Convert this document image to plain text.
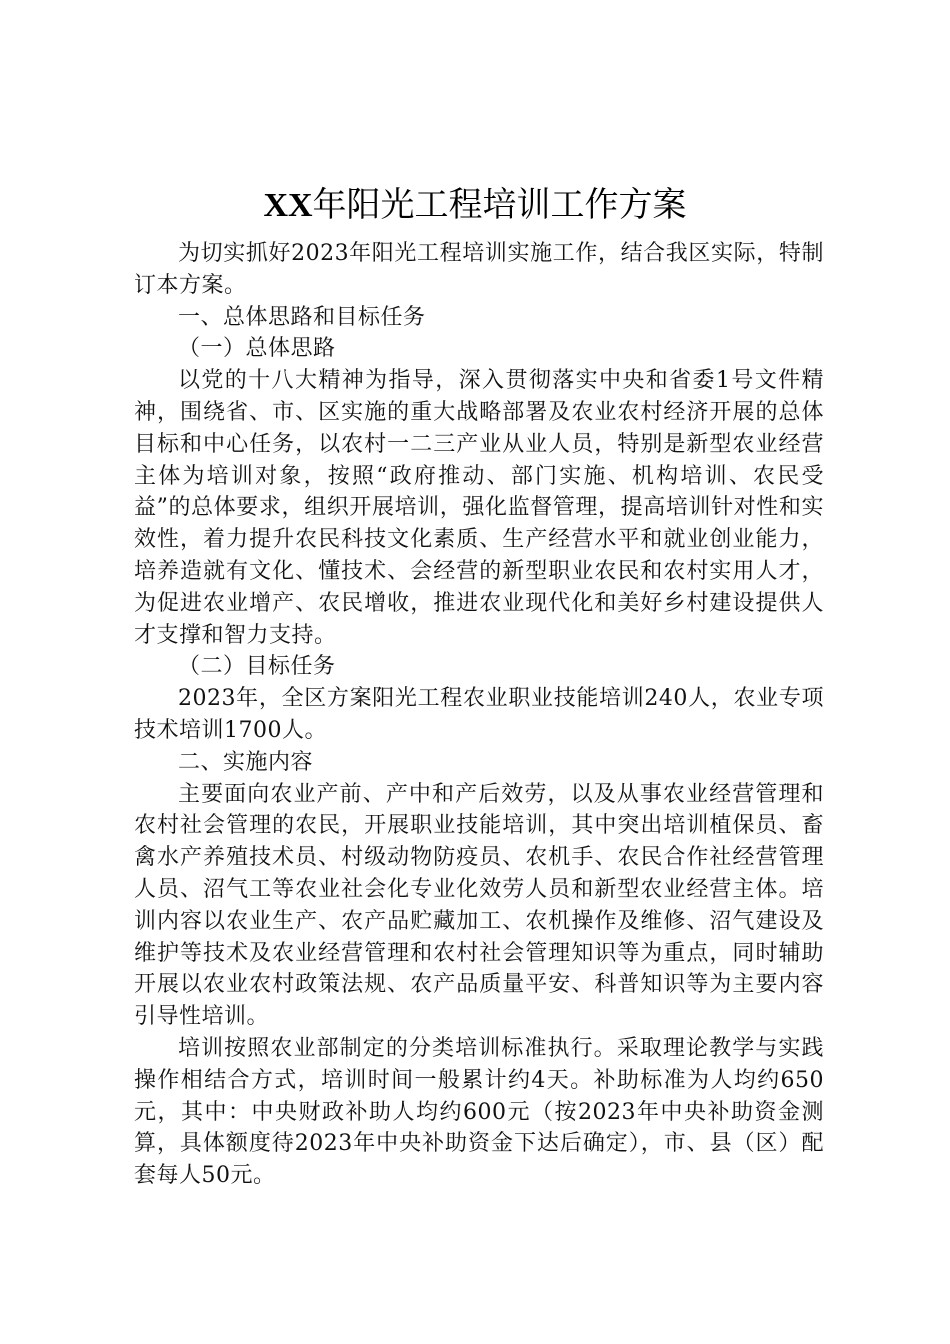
XX年阳光工程培训工作方案

为切实抓好2023年阳光工程培训实施工作，结合我区实际，特制订本方案。

一、总体思路和目标任务

（一）总体思路

以党的十八大精神为指导，深入贯彻落实中央和省委1号文件精神，围绕省、市、区实施的重大战略部署及农业农村经济开展的总体目标和中心任务，以农村一二三产业从业人员，特别是新型农业经营主体为培训对象，按照“政府推动、部门实施、机构培训、农民受益”的总体要求，组织开展培训，强化监督管理，提高培训针对性和实效性，着力提升农民科技文化素质、生产经营水平和就业创业能力，培养造就有文化、懂技术、会经营的新型职业农民和农村实用人才，为促进农业增产、农民增收，推进农业现代化和美好乡村建设提供人才支撑和智力支持。

（二）目标任务

2023年，全区方案阳光工程农业职业技能培训240人，农业专项技术培训1700人。

二、实施内容

主要面向农业产前、产中和产后效劳，以及从事农业经营管理和农村社会管理的农民，开展职业技能培训，其中突出培训植保员、畜禽水产养殖技术员、村级动物防疫员、农机手、农民合作社经营管理人员、沼气工等农业社会化专业化效劳人员和新型农业经营主体。培训内容以农业生产、农产品贮藏加工、农机操作及维修、沼气建设及维护等技术及农业经营管理和农村社会管理知识等为重点，同时辅助开展以农业农村政策法规、农产品质量平安、科普知识等为主要内容引导性培训。

培训按照农业部制定的分类培训标准执行。采取理论教学与实践操作相结合方式，培训时间一般累计约4天。补助标准为人均约650元，其中：中央财政补助人均约600元（按2023年中央补助资金测算，具体额度待2023年中央补助资金下达后确定），市、县（区）配套每人50元。
